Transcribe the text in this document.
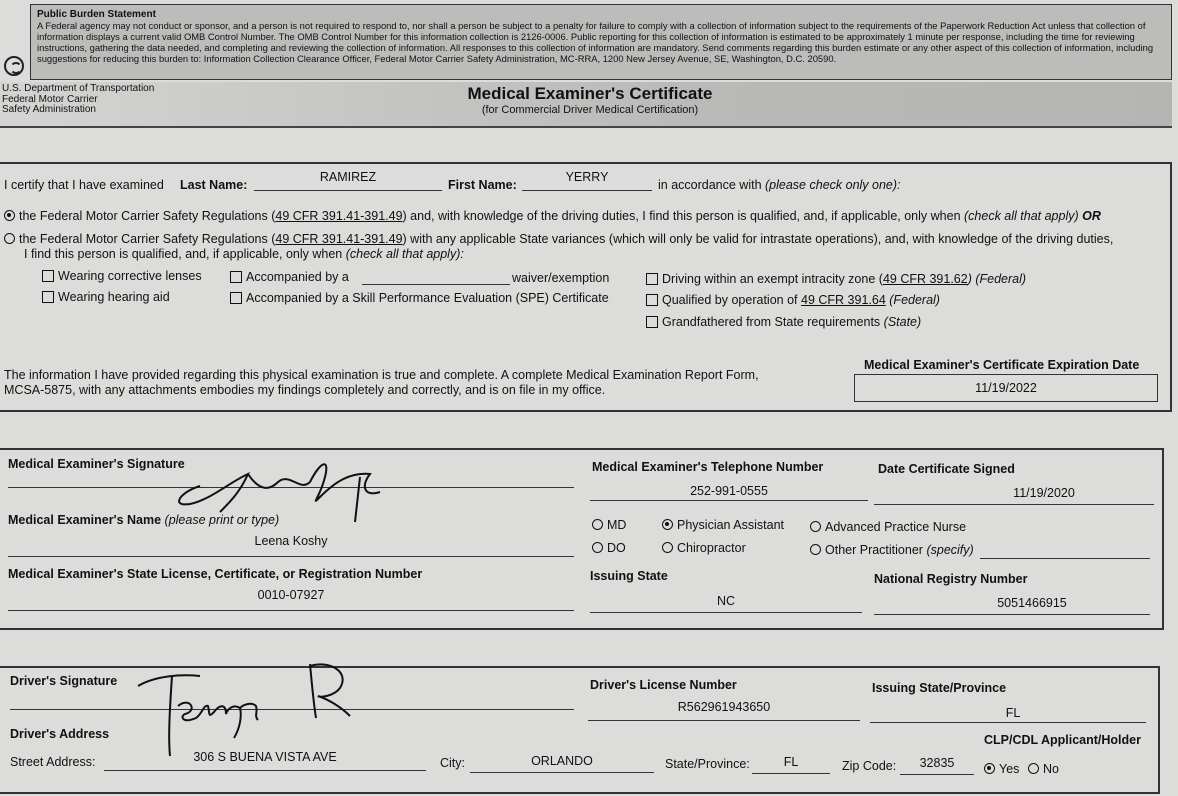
Public Burden Statement
A Federal agency may not conduct or sponsor, and a person is not required to respond to, nor shall a person be subject to a penalty for failure to comply with a collection of information subject to the requirements of the Paperwork Reduction Act unless that collection of information displays a current valid OMB Control Number. The OMB Control Number for this information collection is 2126-0006. Public reporting for this collection of information is estimated to be approximately 1 minute per response, including the time for reviewing instructions, gathering the data needed, and completing and reviewing the collection of information. All responses to this collection of information are mandatory. Send comments regarding this burden estimate or any other aspect of this collection of information, including suggestions for reducing this burden to: Information Collection Clearance Officer, Federal Motor Carrier Safety Administration, MC-RRA, 1200 New Jersey Avenue, SE, Washington, D.C. 20590.
U.S. Department of Transportation
Federal Motor Carrier
Safety Administration
Medical Examiner's Certificate
(for Commercial Driver Medical Certification)
I certify that I have examined Last Name:
RAMIREZ
First Name:
YERRY
in accordance with (please check only one):
the Federal Motor Carrier Safety Regulations (49 CFR 391.41-391.49) and, with knowledge of the driving duties, I find this person is qualified, and, if applicable, only when (check all that apply) OR
the Federal Motor Carrier Safety Regulations (49 CFR 391.41-391.49) with any applicable State variances (which will only be valid for intrastate operations), and, with knowledge of the driving duties,
I find this person is qualified, and, if applicable, only when (check all that apply):
Wearing corrective lenses
Wearing hearing aid
Accompanied by a	waiver/exemption
Accompanied by a Skill Performance Evaluation (SPE) Certificate
Driving within an exempt intracity zone (49 CFR 391.62) (Federal)
Qualified by operation of 49 CFR 391.64 (Federal)
Grandfathered from State requirements (State)
The information I have provided regarding this physical examination is true and complete. A complete Medical Examination Report Form,
MCSA-5875, with any attachments embodies my findings completely and correctly, and is on file in my office.
Medical Examiner's Certificate Expiration Date
11/19/2022
Medical Examiner's Signature	Medical Examiner's Telephone Number
252-991-0555
Date Certificate Signed
11/19/2020
Medical Examiner's Name (please print or type)
Leena Koshy
MD	Physician Assistant	Advanced Practice Nurse
DO	Chiropractor	Other Practitioner (specify)
Medical Examiner's State License, Certificate, or Registration Number
0010-07927
Issuing State
NC
National Registry Number
5051466915
Driver's Signature	Driver's License Number
R562961943650
Issuing State/Province
FL
Driver's Address	CLP/CDL Applicant/Holder
Street Address:	306 S BUENA VISTA AVE	City:	ORLANDO	State/Province:	FL	Zip Code:	32835	Yes	No
